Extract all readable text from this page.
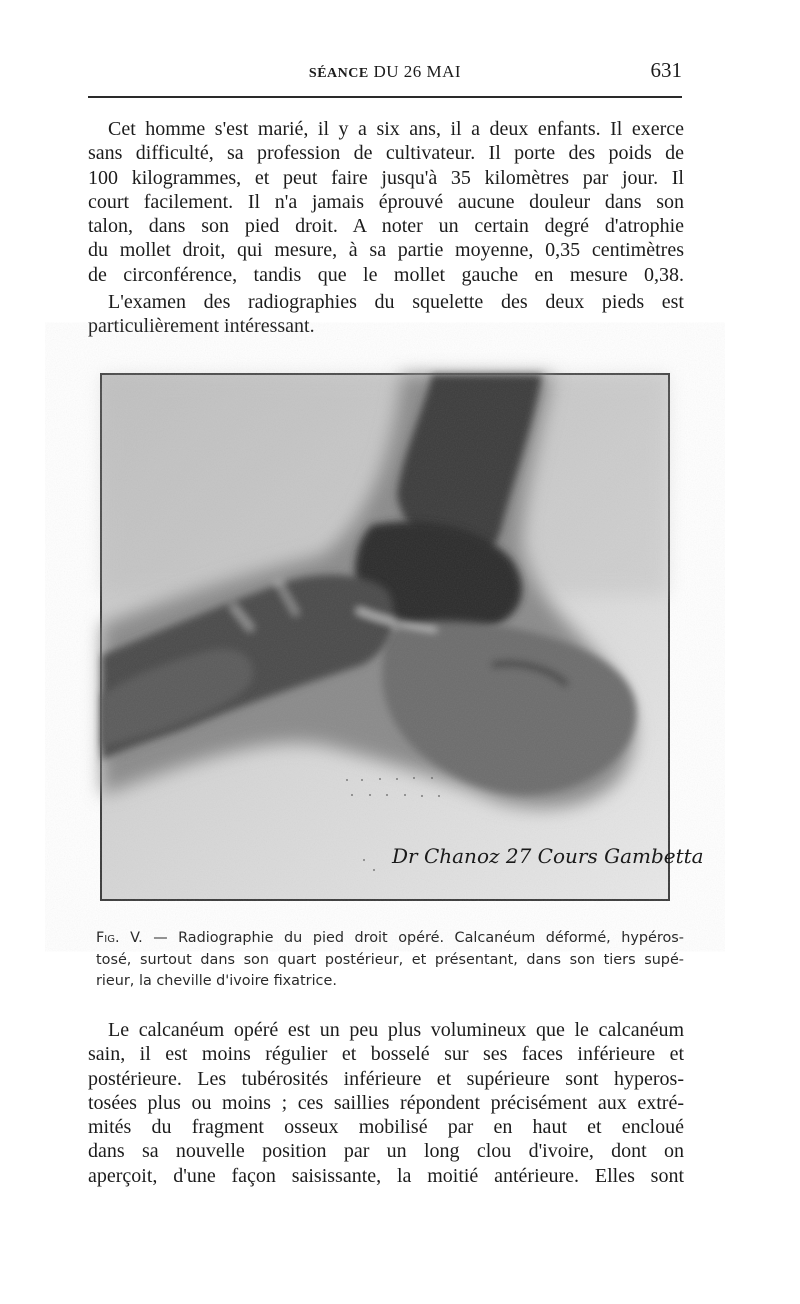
SÉANCE DU 26 MAI	631
Cet homme s'est marié, il y a six ans, il a deux enfants. Il exerce
sans difficulté, sa profession de cultivateur. Il porte des poids de
100 kilogrammes, et peut faire jusqu'à 35 kilomètres par jour. Il
court facilement. Il n'a jamais éprouvé aucune douleur dans son
talon, dans son pied droit. A noter un certain degré d'atrophie
du mollet droit, qui mesure, à sa partie moyenne, 0,35 centimètres
de circonférence, tandis que le mollet gauche en mesure 0,38.
L'examen des radiographies du squelette des deux pieds est
particulièrement intéressant.
Dr Chanoz 27 Cours Gambetta
Fig. V. — Radiographie du pied droit opéré. Calcanéum déformé, hypéros-
tosé, surtout dans son quart postérieur, et présentant, dans son tiers supé-
rieur, la cheville d'ivoire fixatrice.
Le calcanéum opéré est un peu plus volumineux que le calcanéum
sain, il est moins régulier et bosselé sur ses faces inférieure et
postérieure. Les tubérosités inférieure et supérieure sont hyperos-
tosées plus ou moins ; ces saillies répondent précisément aux extré-
mités du fragment osseux mobilisé par en haut et encloué
dans sa nouvelle position par un long clou d'ivoire, dont on
aperçoit, d'une façon saisissante, la moitié antérieure. Elles sont
